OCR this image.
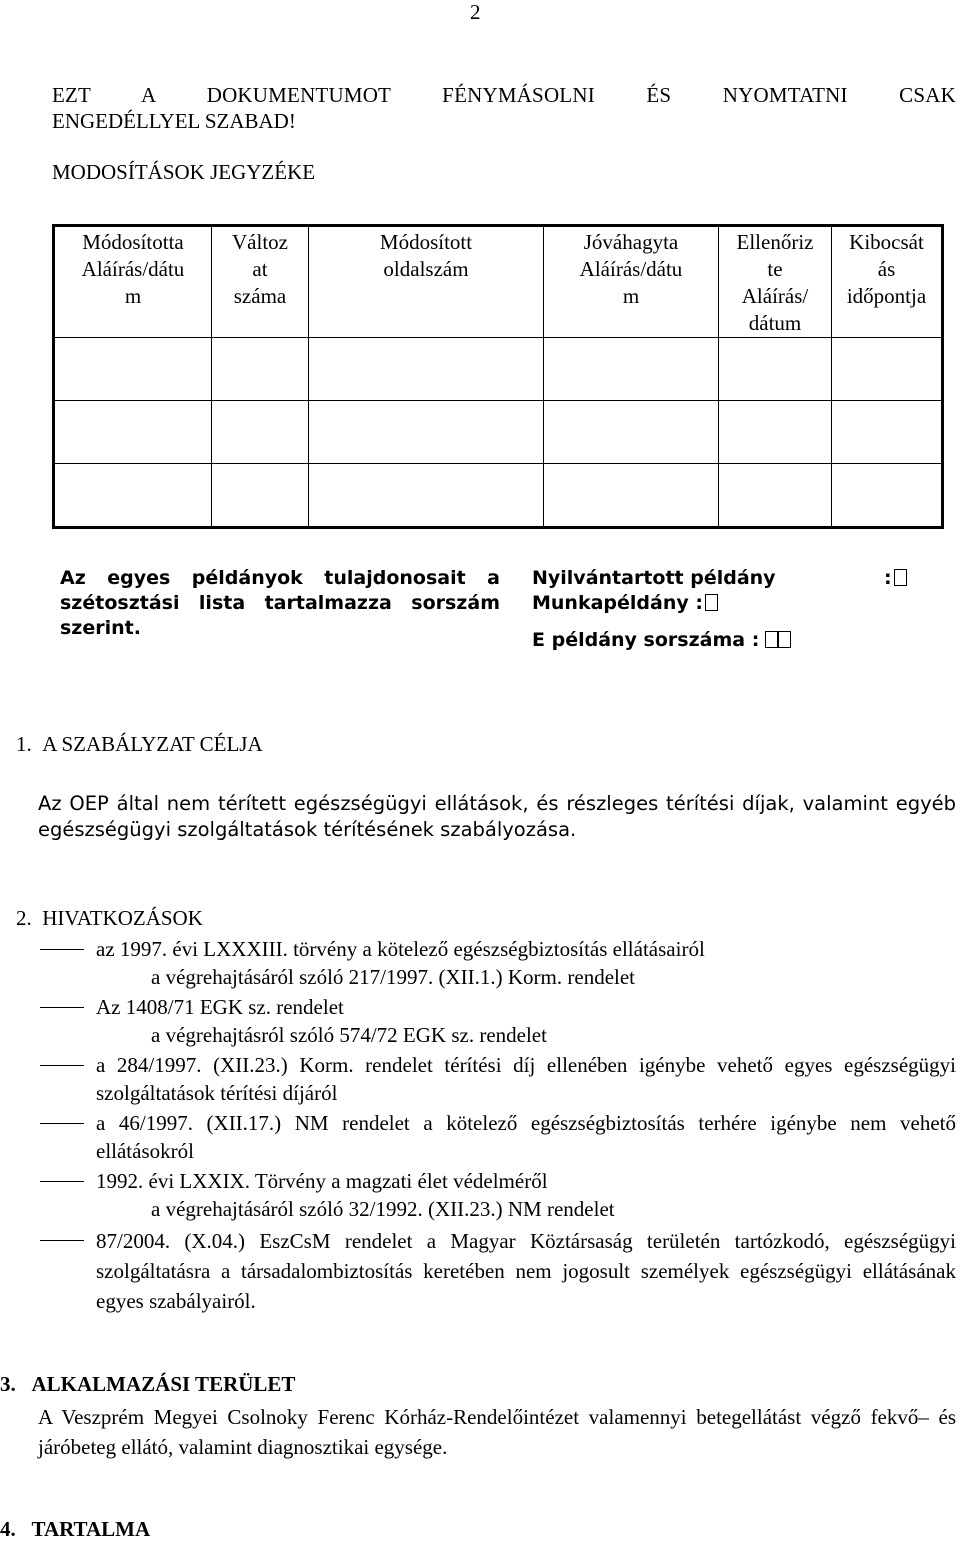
2
EZT A DOKUMENTUMOT FÉNYMÁSOLNI ÉS NYOMTATNI CSAK
ENGEDÉLLYEL SZABAD!
MODOSÍTÁSOK JEGYZÉKE
Módosította
Aláírás/dátu
m	Változ
at
száma	Módosított
oldalszám	Jóváhagyta
Aláírás/dátu
m	Ellenőriz
te
Aláírás/
dátum	Kibocsát
ás
időpontja

Az egyes példányok tulajdonosait a szétosztási lista tartalmazza sorszám szerint.
Nyilvántartott példány	:
Munkapéldány :
E példány sorszáma :
1. A SZABÁLYZAT CÉLJA
Az OEP által nem térített egészségügyi ellátások, és részleges térítési díjak, valamint egyéb egészségügyi szolgáltatások térítésének szabályozása.
2. HIVATKOZÁSOK
az 1997. évi LXXXIII. törvény a kötelező egészségbiztosítás ellátásairól
a végrehajtásáról szóló 217/1997. (XII.1.) Korm. rendelet
Az 1408/71 EGK sz. rendelet
a végrehajtásról szóló 574/72 EGK sz. rendelet
a 284/1997. (XII.23.) Korm. rendelet térítési díj ellenében igénybe vehető egyes egészségügyi szolgáltatások térítési díjáról
a 46/1997. (XII.17.) NM rendelet a kötelező egészségbiztosítás terhére igénybe nem vehető ellátásokról
1992. évi LXXIX. Törvény a magzati élet védelméről
a végrehajtásáról szóló 32/1992. (XII.23.) NM rendelet
87/2004. (X.04.) EszCsM rendelet a Magyar Köztársaság területén tartózkodó, egészségügyi szolgáltatásra a társadalombiztosítás keretében nem jogosult személyek egészségügyi ellátásának egyes szabályairól.
3. ALKALMAZÁSI TERÜLET
A Veszprém Megyei Csolnoky Ferenc Kórház-Rendelőintézet valamennyi betegellátást végző fekvő– és járóbeteg ellátó, valamint diagnosztikai egysége.
4. TARTALMA
